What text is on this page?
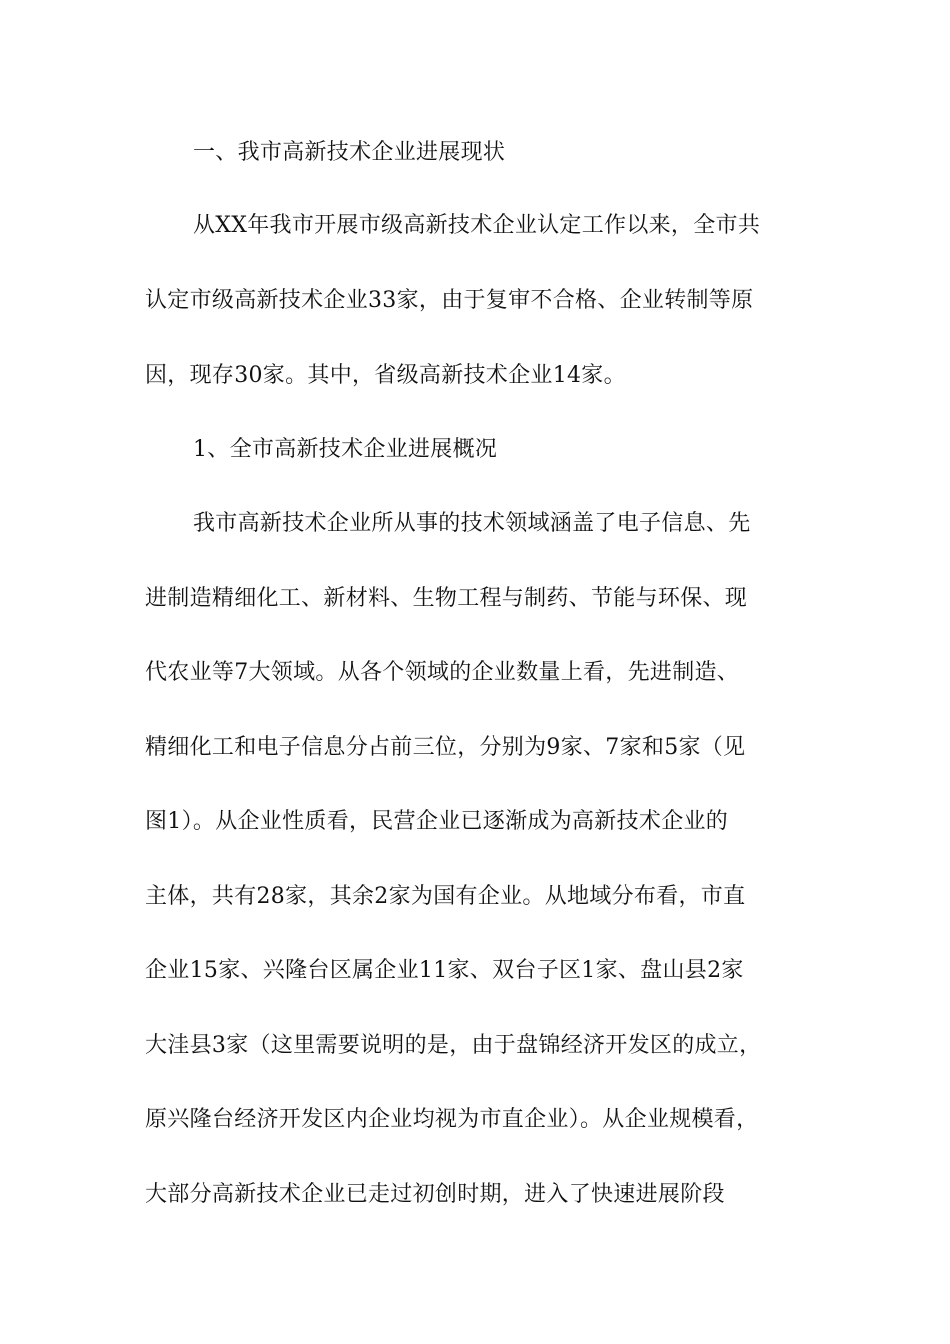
一、我市高新技术企业进展现状
从XX年我市开展市级高新技术企业认定工作以来，全市共
认定市级高新技术企业33家，由于复审不合格、企业转制等原
因，现存30家。其中，省级高新技术企业14家。
1、全市高新技术企业进展概况
我市高新技术企业所从事的技术领域涵盖了电子信息、先
进制造精细化工、新材料、生物工程与制药、节能与环保、现
代农业等7大领域。从各个领域的企业数量上看，先进制造、
精细化工和电子信息分占前三位，分别为9家、7家和5家（见
图1）。从企业性质看，民营企业已逐渐成为高新技术企业的
主体，共有28家，其余2家为国有企业。从地域分布看，市直
企业15家、兴隆台区属企业11家、双台子区1家、盘山县2家
大洼县3家（这里需要说明的是，由于盘锦经济开发区的成立，
原兴隆台经济开发区内企业均视为市直企业）。从企业规模看，
大部分高新技术企业已走过初创时期，进入了快速进展阶段
